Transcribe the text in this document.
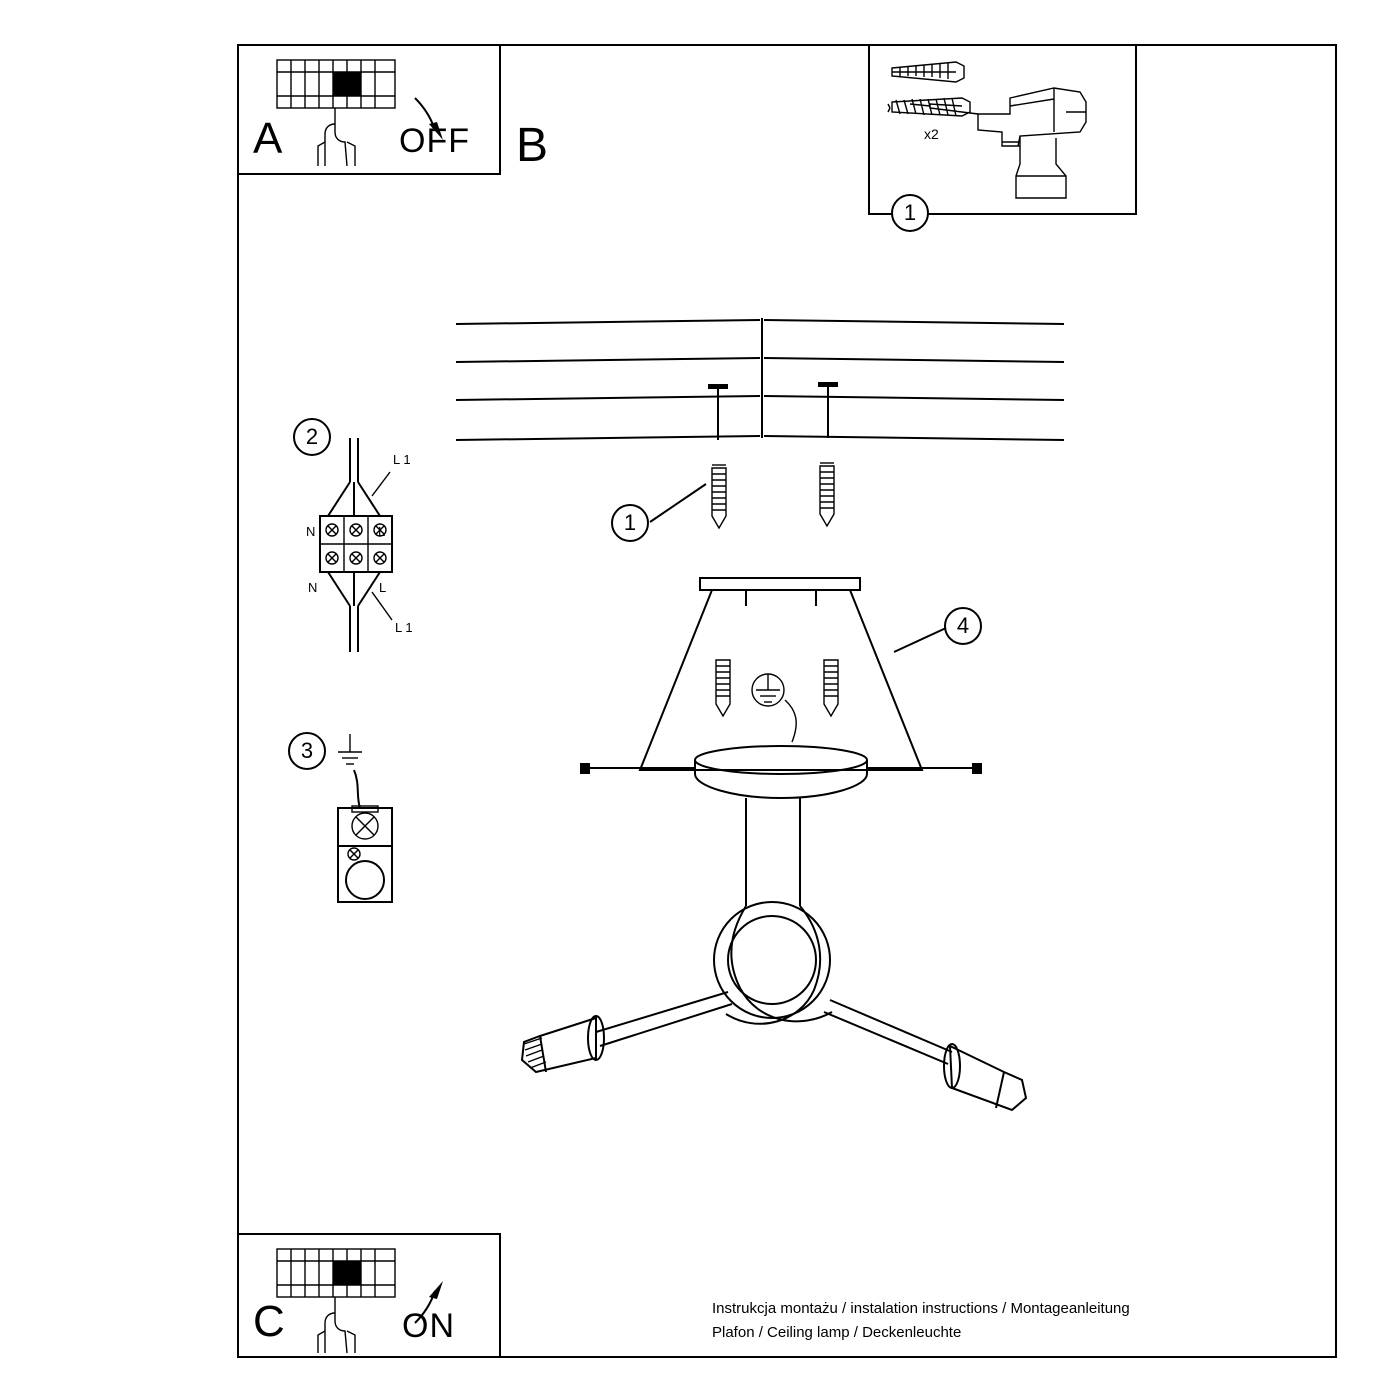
A	OFF B	x2
1
1
4
2
L 1
N	L
N	L
L 1
3
C	ON	Instrukcja montażu / instalation instructions / Montageanleitung
Plafon / Ceiling lamp / Deckenleuchte
